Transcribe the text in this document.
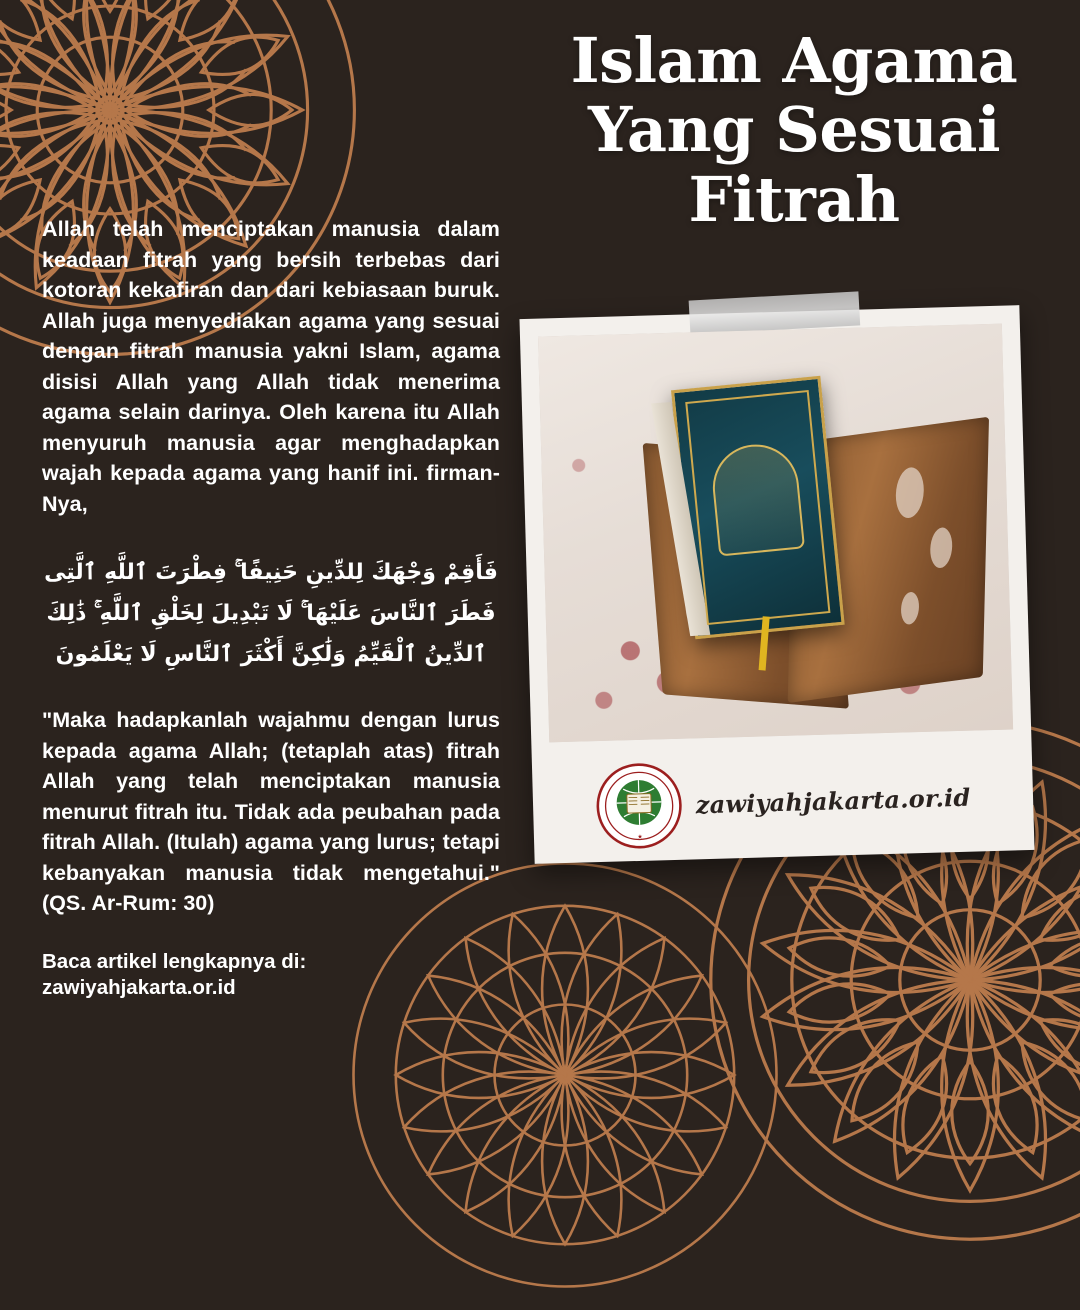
Islam Agama Yang Sesuai Fitrah

Allah telah menciptakan manusia dalam keadaan fitrah yang bersih terbebas dari kotoran kekafiran dan dari kebiasaan buruk. Allah juga menyediakan agama yang sesuai dengan fitrah manusia yakni Islam, agama disisi Allah yang Allah tidak menerima agama selain darinya. Oleh karena itu Allah menyuruh manusia agar menghadapkan wajah kepada agama yang hanif ini. firman-Nya,

فَأَقِمْ وَجْهَكَ لِلدِّينِ حَنِيفًا ۚ فِطْرَتَ ٱللَّهِ ٱلَّتِى فَطَرَ ٱلنَّاسَ عَلَيْهَا ۚ لَا تَبْدِيلَ لِخَلْقِ ٱللَّهِ ۚ ذَٰلِكَ ٱلدِّينُ ٱلْقَيِّمُ وَلَٰكِنَّ أَكْثَرَ ٱلنَّاسِ لَا يَعْلَمُونَ

"Maka hadapkanlah wajahmu dengan lurus kepada agama Allah; (tetaplah atas) fitrah Allah yang telah menciptakan manusia menurut fitrah itu. Tidak ada peubahan pada fitrah Allah. (Itulah) agama yang lurus; tetapi kebanyakan manusia tidak mengetahui." (QS. Ar-Rum: 30)

Baca artikel lengkapnya di: zawiyahjakarta.or.id

★
zawiyahjakarta.or.id
